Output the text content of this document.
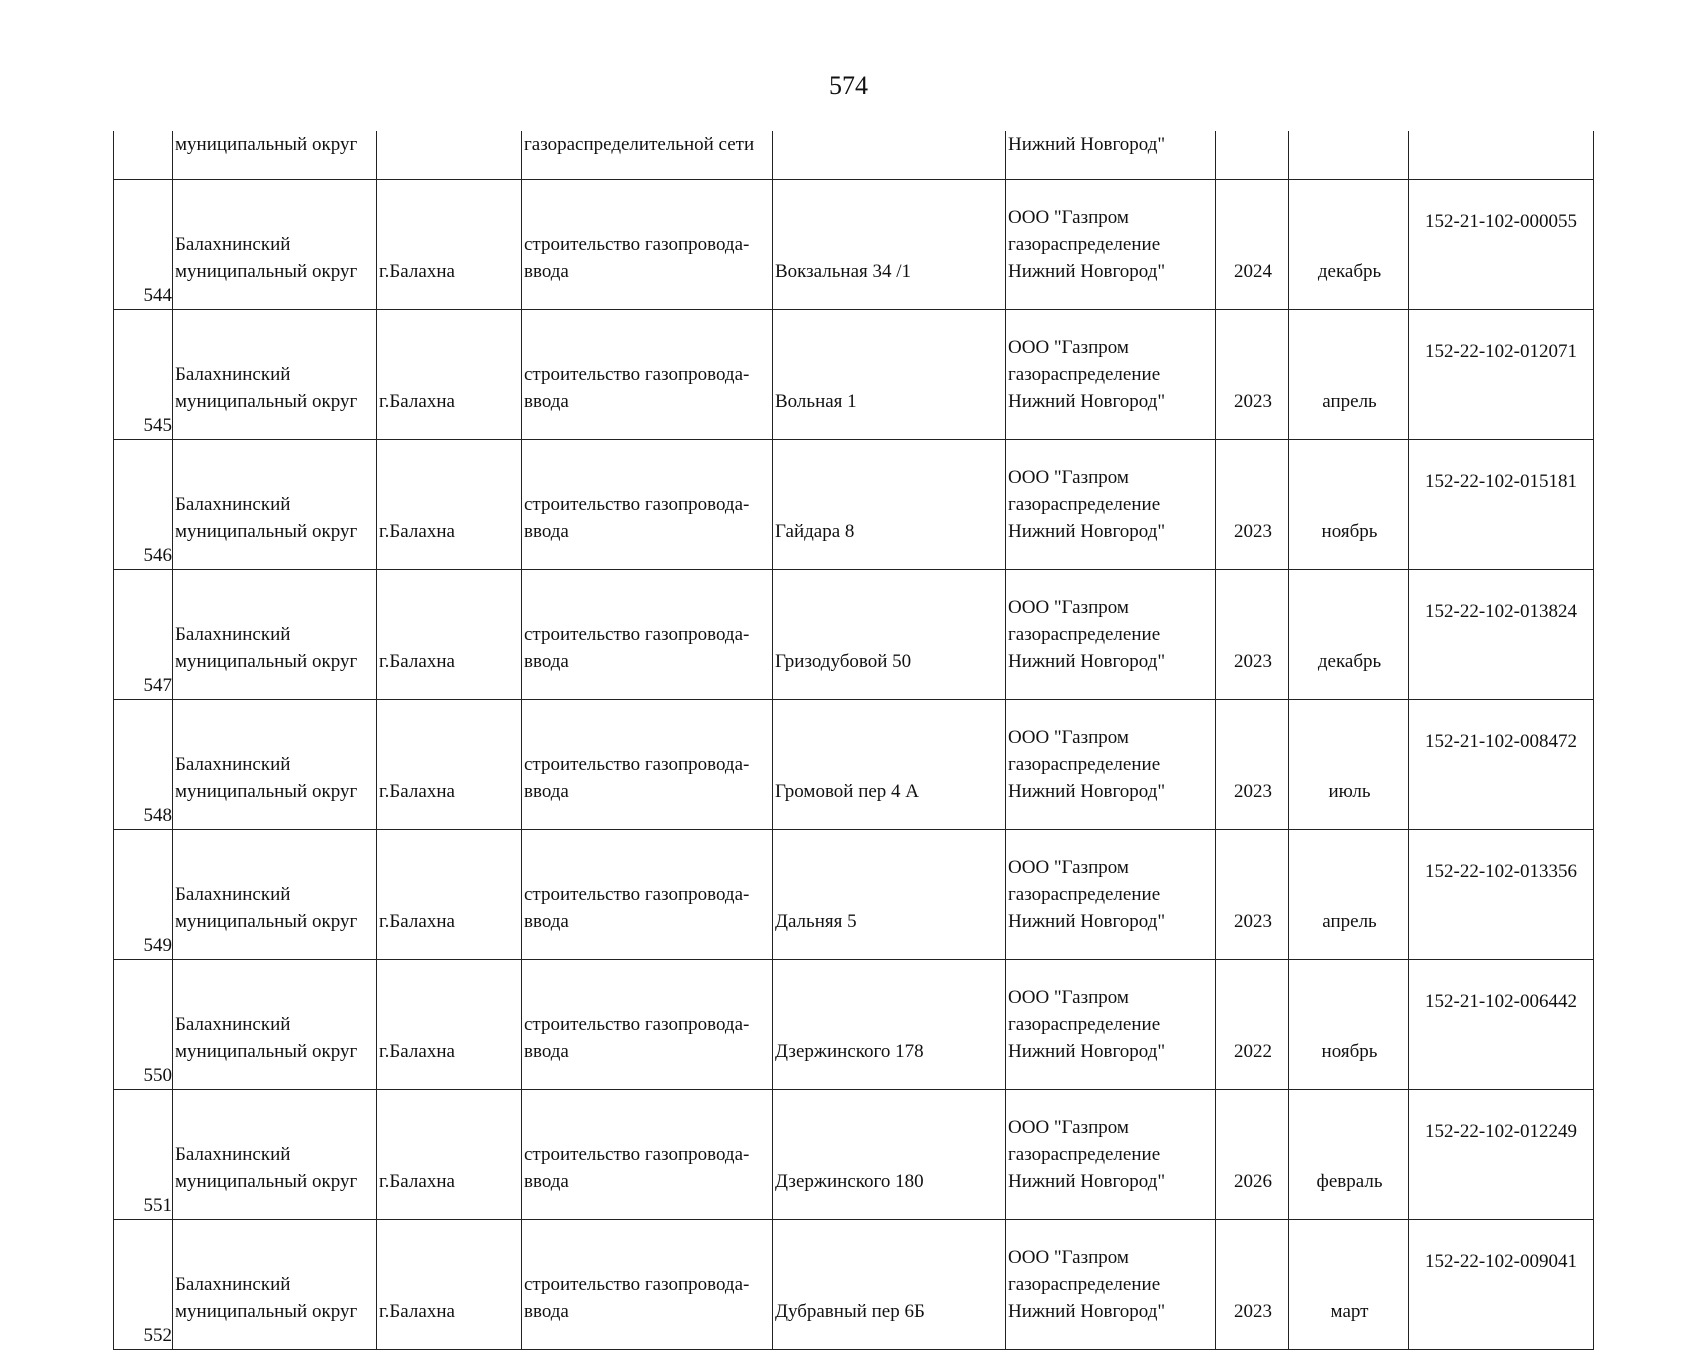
574
	муниципальный округ		газораспределительной сети		Нижний Новгород"			
544	Балахнинский
муниципальный округ	г.Балахна	строительство газопровода-
ввода	Вокзальная 34 /1	ООО "Газпром
газораспределение
Нижний Новгород"	2024	декабрь	152-21-102-000055
545	Балахнинский
муниципальный округ	г.Балахна	строительство газопровода-
ввода	Вольная 1	ООО "Газпром
газораспределение
Нижний Новгород"	2023	апрель	152-22-102-012071
546	Балахнинский
муниципальный округ	г.Балахна	строительство газопровода-
ввода	Гайдара 8	ООО "Газпром
газораспределение
Нижний Новгород"	2023	ноябрь	152-22-102-015181
547	Балахнинский
муниципальный округ	г.Балахна	строительство газопровода-
ввода	Гризодубовой 50	ООО "Газпром
газораспределение
Нижний Новгород"	2023	декабрь	152-22-102-013824
548	Балахнинский
муниципальный округ	г.Балахна	строительство газопровода-
ввода	Громовой пер 4 А	ООО "Газпром
газораспределение
Нижний Новгород"	2023	июль	152-21-102-008472
549	Балахнинский
муниципальный округ	г.Балахна	строительство газопровода-
ввода	Дальняя 5	ООО "Газпром
газораспределение
Нижний Новгород"	2023	апрель	152-22-102-013356
550	Балахнинский
муниципальный округ	г.Балахна	строительство газопровода-
ввода	Дзержинского 178	ООО "Газпром
газораспределение
Нижний Новгород"	2022	ноябрь	152-21-102-006442
551	Балахнинский
муниципальный округ	г.Балахна	строительство газопровода-
ввода	Дзержинского 180	ООО "Газпром
газораспределение
Нижний Новгород"	2026	февраль	152-22-102-012249
552	Балахнинский
муниципальный округ	г.Балахна	строительство газопровода-
ввода	Дубравный пер 6Б	ООО "Газпром
газораспределение
Нижний Новгород"	2023	март	152-22-102-009041
